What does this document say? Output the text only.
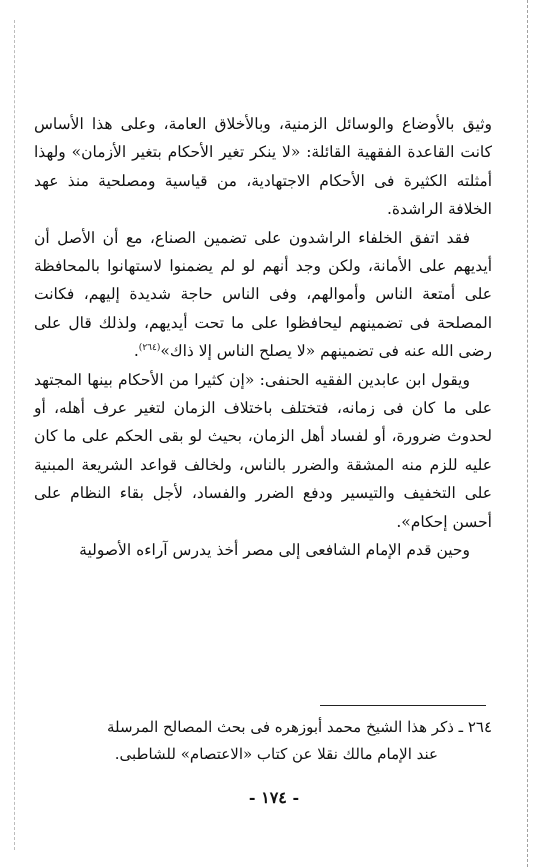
وثيق بالأوضاع والوسائل الزمنية، وبالأخلاق العامة، وعلى هذا الأساس كانت القاعدة الفقهية القائلة: «لا ينكر تغير الأحكام بتغير الأزمان» ولهذا أمثلته الكثيرة فى الأحكام الاجتهادية، من قياسية ومصلحية منذ عهد الخلافة الراشدة.

فقد اتفق الخلفاء الراشدون على تضمين الصناع، مع أن الأصل أن أيديهم على الأمانة، ولكن وجد أنهم لو لم يضمنوا لاستهانوا بالمحافظة على أمتعة الناس وأموالهم، وفى الناس حاجة شديدة إليهم، فكانت المصلحة فى تضمينهم ليحافظوا على ما تحت أيديهم، ولذلك قال على رضى الله عنه فى تضمينهم «لا يصلح الناس إلا ذاك»$^{(٢٦٤)}$.

ويقول ابن عابدين الفقيه الحنفى: «إن كثيرا من الأحكام بينها المجتهد على ما كان فى زمانه، فتختلف باختلاف الزمان لتغير عرف أهله، أو لحدوث ضرورة، أو لفساد أهل الزمان، بحيث لو بقى الحكم على ما كان عليه للزم منه المشقة والضرر بالناس، ولخالف قواعد الشريعة المبنية على التخفيف والتيسير ودفع الضرر والفساد، لأجل بقاء النظام على أحسن إحكام».

وحين قدم الإمام الشافعى إلى مصر أخذ يدرس آراءه الأصولية

٢٦٤ ـ ذكر هذا الشيخ محمد أبوزهره فى بحث المصالح المرسلة

عند الإمام مالك نقلا عن كتاب «الاعتصام» للشاطبى.

- ١٧٤ -
